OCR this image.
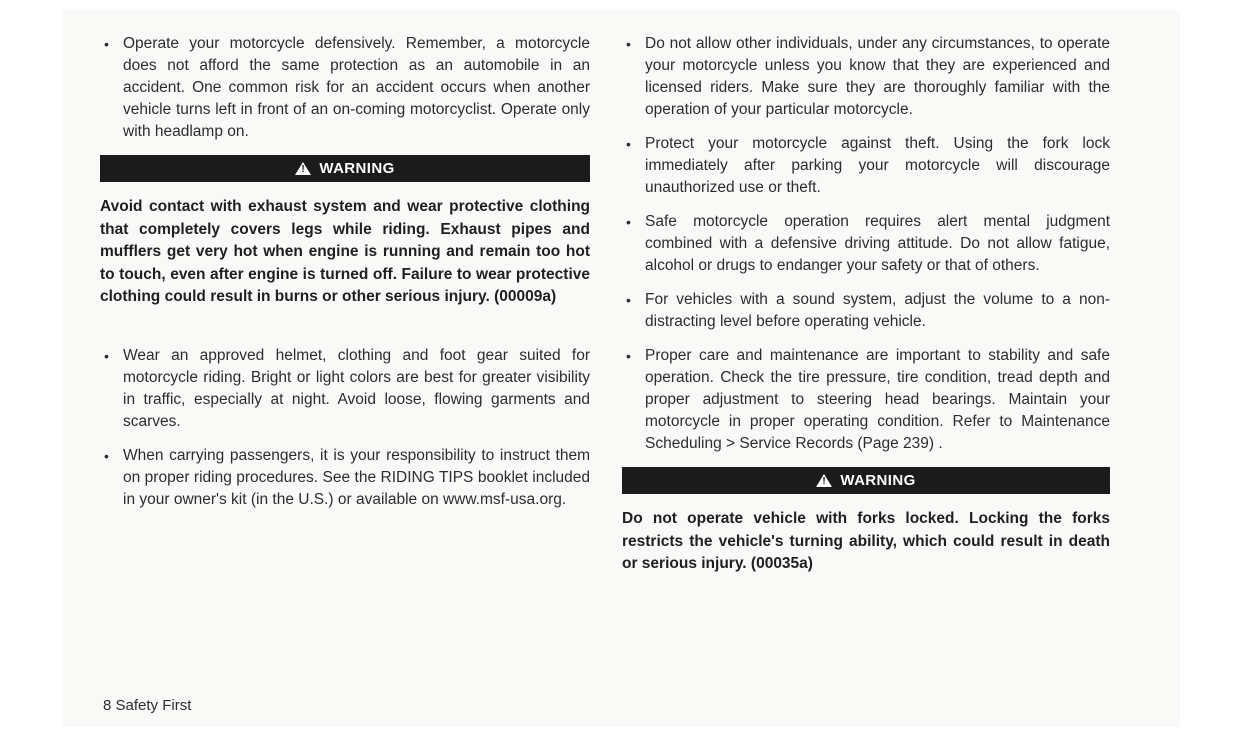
• Operate your motorcycle defensively. Remember, a motorcycle does not afford the same protection as an automobile in an accident. One common risk for an accident occurs when another vehicle turns left in front of an on-coming motorcyclist. Operate only with headlamp on.
!
WARNING

Avoid contact with exhaust system and wear protective clothing that completely covers legs while riding. Exhaust pipes and mufflers get very hot when engine is running and remain too hot to touch, even after engine is turned off. Failure to wear protective clothing could result in burns or other serious injury. (00009a)

• Wear an approved helmet, clothing and foot gear suited for motorcycle riding. Bright or light colors are best for greater visibility in traffic, especially at night. Avoid loose, flowing garments and scarves.
• When carrying passengers, it is your responsibility to instruct them on proper riding procedures. See the RIDING TIPS booklet included in your owner's kit (in the U.S.) or available on www.msf-usa.org.
• Do not allow other individuals, under any circumstances, to operate your motorcycle unless you know that they are experienced and licensed riders. Make sure they are thoroughly familiar with the operation of your particular motorcycle.
• Protect your motorcycle against theft. Using the fork lock immediately after parking your motorcycle will discourage unauthorized use or theft.
• Safe motorcycle operation requires alert mental judgment combined with a defensive driving attitude. Do not allow fatigue, alcohol or drugs to endanger your safety or that of others.
• For vehicles with a sound system, adjust the volume to a non-distracting level before operating vehicle.
• Proper care and maintenance are important to stability and safe operation. Check the tire pressure, tire condition, tread depth and proper adjustment to steering head bearings. Maintain your motorcycle in proper operating condition. Refer to Maintenance Scheduling > Service Records (Page 239) .
!
WARNING

Do not operate vehicle with forks locked. Locking the forks restricts the vehicle's turning ability, which could result in death or serious injury. (00035a)

8 Safety First
